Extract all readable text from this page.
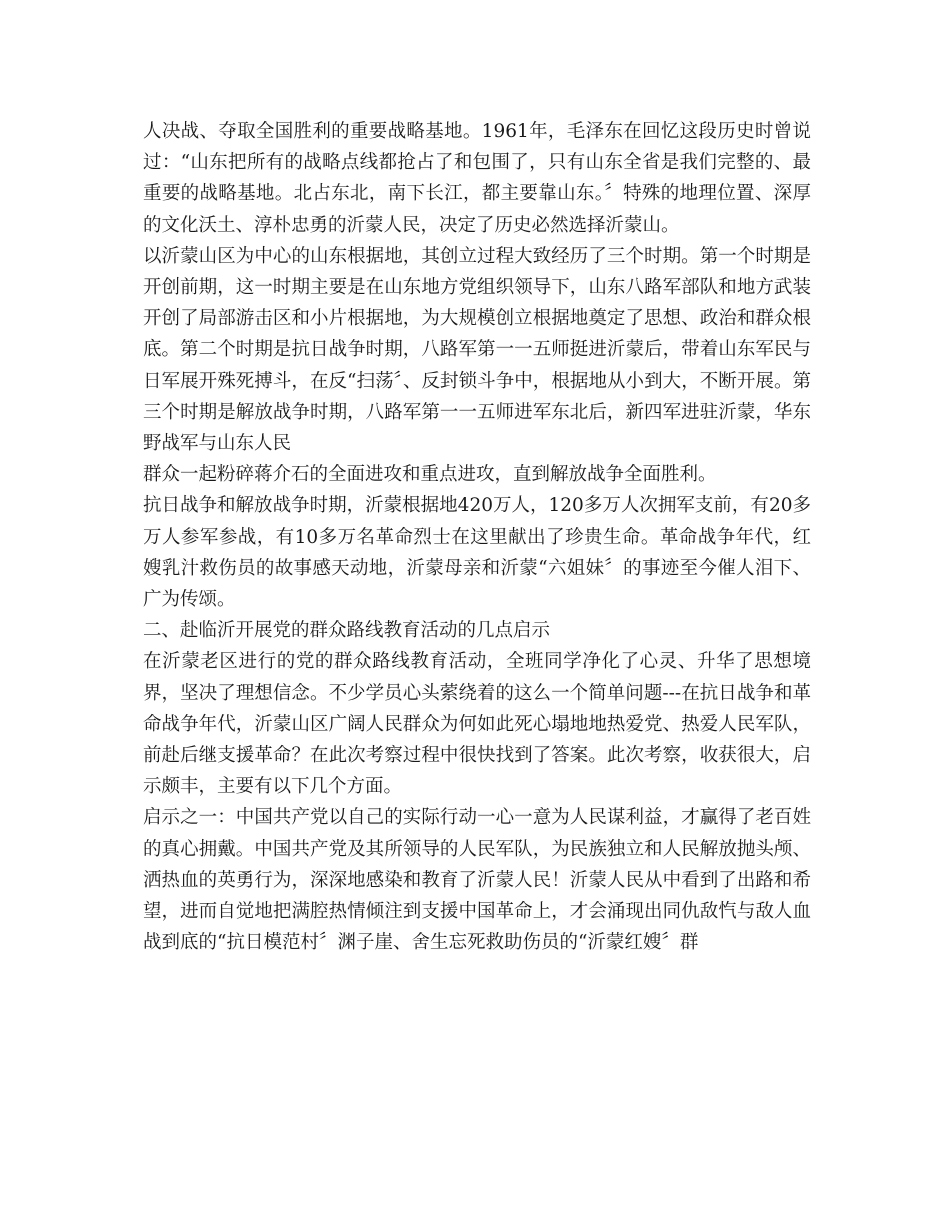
人决战、夺取全国胜利的重要战略基地。1961年，毛泽东在回忆这段历史时曾说过：“山东把所有的战略点线都抢占了和包围了，只有山东全省是我们完整的、最重要的战略基地。北占东北，南下长江，都主要靠山东。〞特殊的地理位置、深厚的文化沃土、淳朴忠勇的沂蒙人民，决定了历史必然选择沂蒙山。

以沂蒙山区为中心的山东根据地，其创立过程大致经历了三个时期。第一个时期是开创前期，这一时期主要是在山东地方党组织领导下，山东八路军部队和地方武装开创了局部游击区和小片根据地，为大规模创立根据地奠定了思想、政治和群众根底。第二个时期是抗日战争时期，八路军第一一五师挺进沂蒙后，带着山东军民与日军展开殊死搏斗，在反“扫荡〞、反封锁斗争中，根据地从小到大，不断开展。第三个时期是解放战争时期，八路军第一一五师进军东北后，新四军进驻沂蒙，华东野战军与山东人民

群众一起粉碎蒋介石的全面进攻和重点进攻，直到解放战争全面胜利。

抗日战争和解放战争时期，沂蒙根据地420万人，120多万人次拥军支前，有20多万人参军参战，有10多万名革命烈士在这里献出了珍贵生命。革命战争年代，红嫂乳汁救伤员的故事感天动地，沂蒙母亲和沂蒙“六姐妹〞的事迹至今催人泪下、广为传颂。

二、赴临沂开展党的群众路线教育活动的几点启示

在沂蒙老区进行的党的群众路线教育活动，全班同学净化了心灵、升华了思想境界，坚决了理想信念。不少学员心头萦绕着的这么一个简单问题---在抗日战争和革命战争年代，沂蒙山区广阔人民群众为何如此死心塌地地热爱党、热爱人民军队，前赴后继支援革命？在此次考察过程中很快找到了答案。此次考察，收获很大，启示颇丰，主要有以下几个方面。

启示之一：中国共产党以自己的实际行动一心一意为人民谋利益，才赢得了老百姓的真心拥戴。中国共产党及其所领导的人民军队，为民族独立和人民解放抛头颅、洒热血的英勇行为，深深地感染和教育了沂蒙人民！沂蒙人民从中看到了出路和希望，进而自觉地把满腔热情倾注到支援中国革命上，才会涌现出同仇敌忾与敌人血战到底的“抗日模范村〞渊子崖、舍生忘死救助伤员的“沂蒙红嫂〞群
